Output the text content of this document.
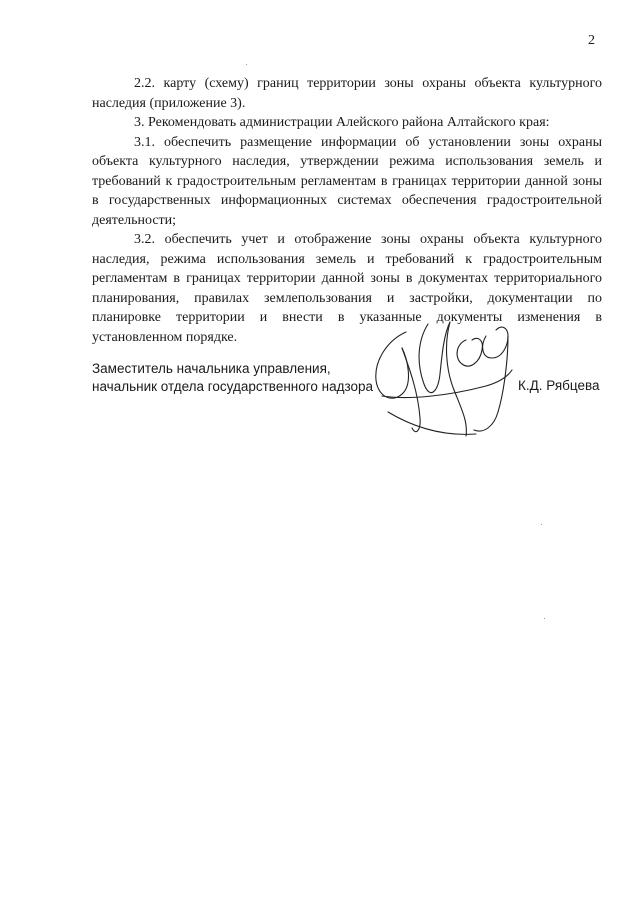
2

2.2. карту (схему) границ территории зоны охраны объекта культурного наследия (приложение 3).

3. Рекомендовать администрации Алейского района Алтайского края:

3.1. обеспечить размещение информации об установлении зоны охраны объекта культурного наследия, утверждении режима использования земель и требований к градостроительным регламентам в границах территории данной зоны в государственных информационных системах обеспечения градостроительной деятельности;

3.2. обеспечить учет и отображение зоны охраны объекта культурного наследия, режима использования земель и требований к градостроительным регламентам в границах территории данной зоны в документах территориального планирования, правилах землепользования и застройки, документации по планировке территории и внести в указанные документы изменения в установленном порядке.

Заместитель начальника управления,
начальник отдела государственного надзора	К.Д. Рябцева
